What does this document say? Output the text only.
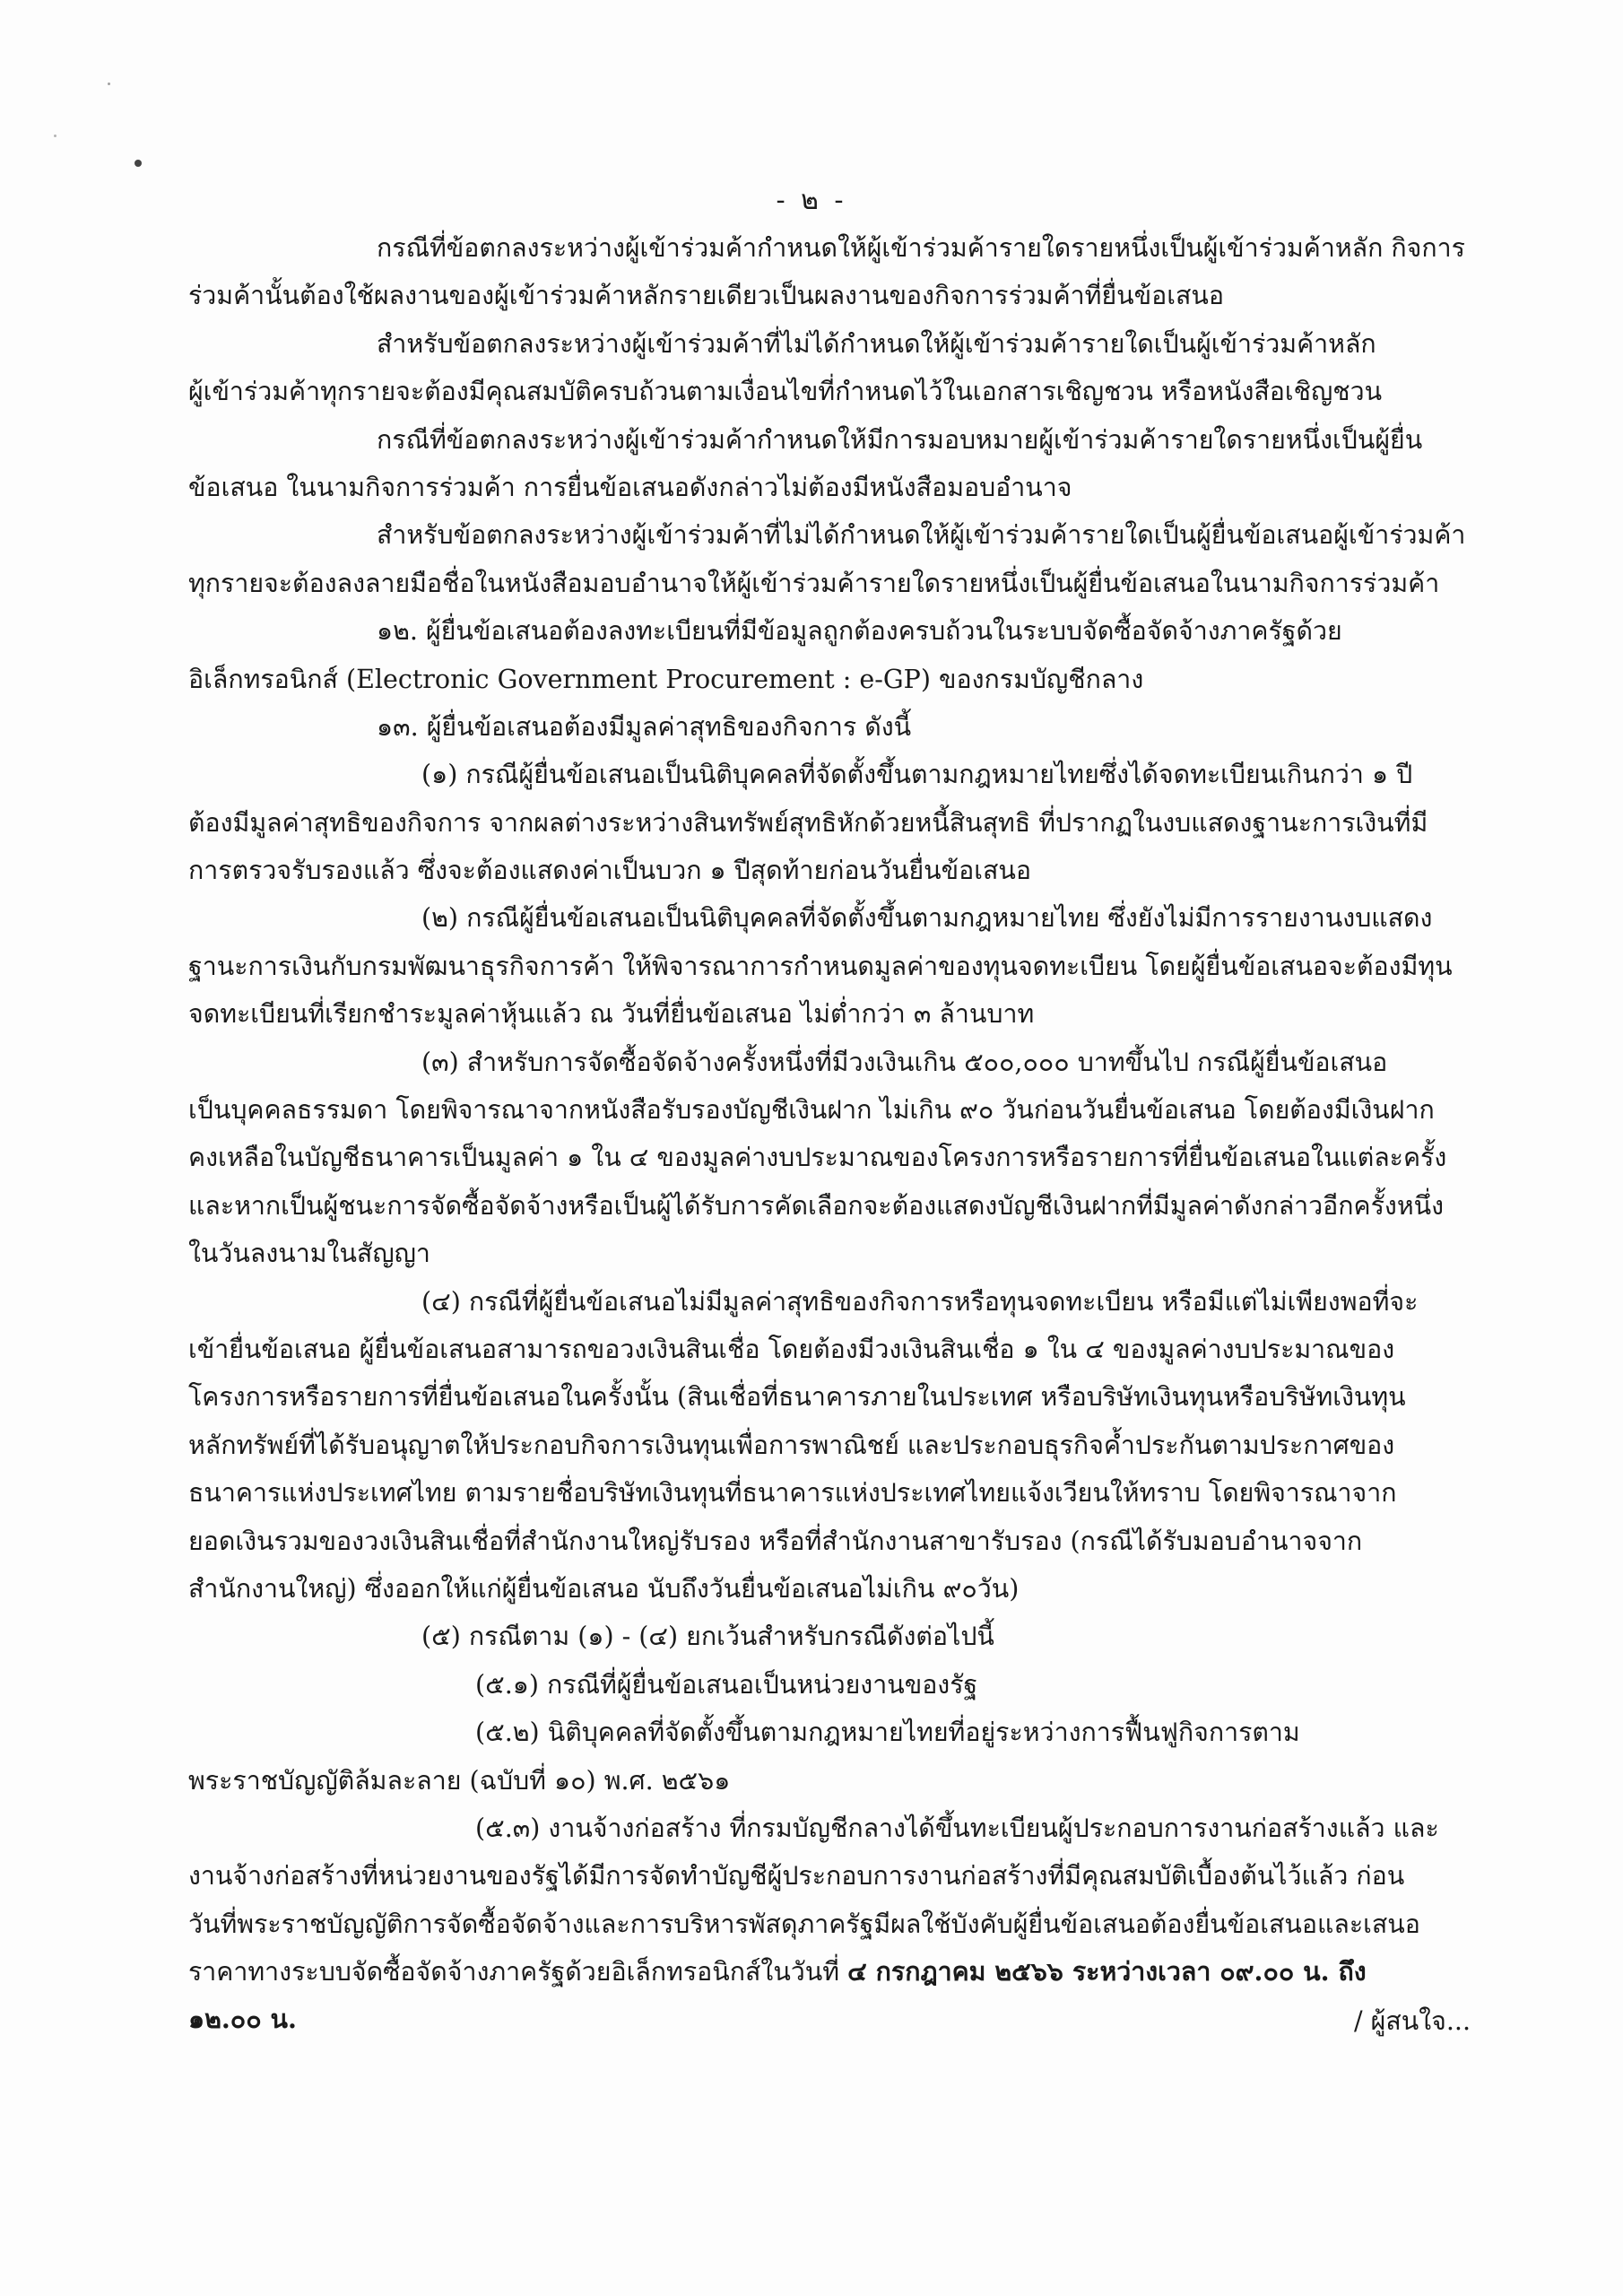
- ๒ -
กรณีที่ข้อตกลงระหว่างผู้เข้าร่วมค้ากำหนดให้ผู้เข้าร่วมค้ารายใดรายหนึ่งเป็นผู้เข้าร่วมค้าหลัก กิจการ
ร่วมค้านั้นต้องใช้ผลงานของผู้เข้าร่วมค้าหลักรายเดียวเป็นผลงานของกิจการร่วมค้าที่ยื่นข้อเสนอ
สำหรับข้อตกลงระหว่างผู้เข้าร่วมค้าที่ไม่ได้กำหนดให้ผู้เข้าร่วมค้ารายใดเป็นผู้เข้าร่วมค้าหลัก
ผู้เข้าร่วมค้าทุกรายจะต้องมีคุณสมบัติครบถ้วนตามเงื่อนไขที่กำหนดไว้ในเอกสารเชิญชวน หรือหนังสือเชิญชวน
กรณีที่ข้อตกลงระหว่างผู้เข้าร่วมค้ากำหนดให้มีการมอบหมายผู้เข้าร่วมค้ารายใดรายหนึ่งเป็นผู้ยื่น
ข้อเสนอ ในนามกิจการร่วมค้า การยื่นข้อเสนอดังกล่าวไม่ต้องมีหนังสือมอบอำนาจ
สำหรับข้อตกลงระหว่างผู้เข้าร่วมค้าที่ไม่ได้กำหนดให้ผู้เข้าร่วมค้ารายใดเป็นผู้ยื่นข้อเสนอผู้เข้าร่วมค้า
ทุกรายจะต้องลงลายมือชื่อในหนังสือมอบอำนาจให้ผู้เข้าร่วมค้ารายใดรายหนึ่งเป็นผู้ยื่นข้อเสนอในนามกิจการร่วมค้า
๑๒. ผู้ยื่นข้อเสนอต้องลงทะเบียนที่มีข้อมูลถูกต้องครบถ้วนในระบบจัดซื้อจัดจ้างภาครัฐด้วย
อิเล็กทรอนิกส์ (Electronic Government Procurement : e-GP) ของกรมบัญชีกลาง
๑๓. ผู้ยื่นข้อเสนอต้องมีมูลค่าสุทธิของกิจการ ดังนี้
(๑) กรณีผู้ยื่นข้อเสนอเป็นนิติบุคคลที่จัดตั้งขึ้นตามกฎหมายไทยซึ่งได้จดทะเบียนเกินกว่า ๑ ปี
ต้องมีมูลค่าสุทธิของกิจการ จากผลต่างระหว่างสินทรัพย์สุทธิหักด้วยหนี้สินสุทธิ ที่ปรากฏในงบแสดงฐานะการเงินที่มี
การตรวจรับรองแล้ว ซึ่งจะต้องแสดงค่าเป็นบวก ๑ ปีสุดท้ายก่อนวันยื่นข้อเสนอ
(๒) กรณีผู้ยื่นข้อเสนอเป็นนิติบุคคลที่จัดตั้งขึ้นตามกฎหมายไทย ซึ่งยังไม่มีการรายงานงบแสดง
ฐานะการเงินกับกรมพัฒนาธุรกิจการค้า ให้พิจารณาการกำหนดมูลค่าของทุนจดทะเบียน โดยผู้ยื่นข้อเสนอจะต้องมีทุน
จดทะเบียนที่เรียกชำระมูลค่าหุ้นแล้ว ณ วันที่ยื่นข้อเสนอ ไม่ต่ำกว่า ๓ ล้านบาท
(๓) สำหรับการจัดซื้อจัดจ้างครั้งหนึ่งที่มีวงเงินเกิน ๕๐๐,๐๐๐ บาทขึ้นไป กรณีผู้ยื่นข้อเสนอ
เป็นบุคคลธรรมดา โดยพิจารณาจากหนังสือรับรองบัญชีเงินฝาก ไม่เกิน ๙๐ วันก่อนวันยื่นข้อเสนอ โดยต้องมีเงินฝาก
คงเหลือในบัญชีธนาคารเป็นมูลค่า ๑ ใน ๔ ของมูลค่างบประมาณของโครงการหรือรายการที่ยื่นข้อเสนอในแต่ละครั้ง
และหากเป็นผู้ชนะการจัดซื้อจัดจ้างหรือเป็นผู้ได้รับการคัดเลือกจะต้องแสดงบัญชีเงินฝากที่มีมูลค่าดังกล่าวอีกครั้งหนึ่ง
ในวันลงนามในสัญญา
(๔) กรณีที่ผู้ยื่นข้อเสนอไม่มีมูลค่าสุทธิของกิจการหรือทุนจดทะเบียน หรือมีแต่ไม่เพียงพอที่จะ
เข้ายื่นข้อเสนอ ผู้ยื่นข้อเสนอสามารถขอวงเงินสินเชื่อ โดยต้องมีวงเงินสินเชื่อ ๑ ใน ๔ ของมูลค่างบประมาณของ
โครงการหรือรายการที่ยื่นข้อเสนอในครั้งนั้น (สินเชื่อที่ธนาคารภายในประเทศ หรือบริษัทเงินทุนหรือบริษัทเงินทุน
หลักทรัพย์ที่ได้รับอนุญาตให้ประกอบกิจการเงินทุนเพื่อการพาณิชย์ และประกอบธุรกิจค้ำประกันตามประกาศของ
ธนาคารแห่งประเทศไทย ตามรายชื่อบริษัทเงินทุนที่ธนาคารแห่งประเทศไทยแจ้งเวียนให้ทราบ โดยพิจารณาจาก
ยอดเงินรวมของวงเงินสินเชื่อที่สำนักงานใหญ่รับรอง หรือที่สำนักงานสาขารับรอง (กรณีได้รับมอบอำนาจจาก
สำนักงานใหญ่) ซึ่งออกให้แก่ผู้ยื่นข้อเสนอ นับถึงวันยื่นข้อเสนอไม่เกิน ๙๐วัน)
(๕) กรณีตาม (๑) - (๔) ยกเว้นสำหรับกรณีดังต่อไปนี้
(๕.๑) กรณีที่ผู้ยื่นข้อเสนอเป็นหน่วยงานของรัฐ
(๕.๒) นิติบุคคลที่จัดตั้งขึ้นตามกฎหมายไทยที่อยู่ระหว่างการฟื้นฟูกิจการตาม
พระราชบัญญัติล้มละลาย (ฉบับที่ ๑๐) พ.ศ. ๒๕๖๑
(๕.๓) งานจ้างก่อสร้าง ที่กรมบัญชีกลางได้ขึ้นทะเบียนผู้ประกอบการงานก่อสร้างแล้ว และ
งานจ้างก่อสร้างที่หน่วยงานของรัฐได้มีการจัดทำบัญชีผู้ประกอบการงานก่อสร้างที่มีคุณสมบัติเบื้องต้นไว้แล้ว ก่อน
วันที่พระราชบัญญัติการจัดซื้อจัดจ้างและการบริหารพัสดุภาครัฐมีผลใช้บังคับผู้ยื่นข้อเสนอต้องยื่นข้อเสนอและเสนอ
ราคาทางระบบจัดซื้อจัดจ้างภาครัฐด้วยอิเล็กทรอนิกส์ในวันที่ ๔ กรกฎาคม ๒๕๖๖ ระหว่างเวลา ๐๙.๐๐ น. ถึง
๑๒.๐๐ น.	/ ผู้สนใจ...
